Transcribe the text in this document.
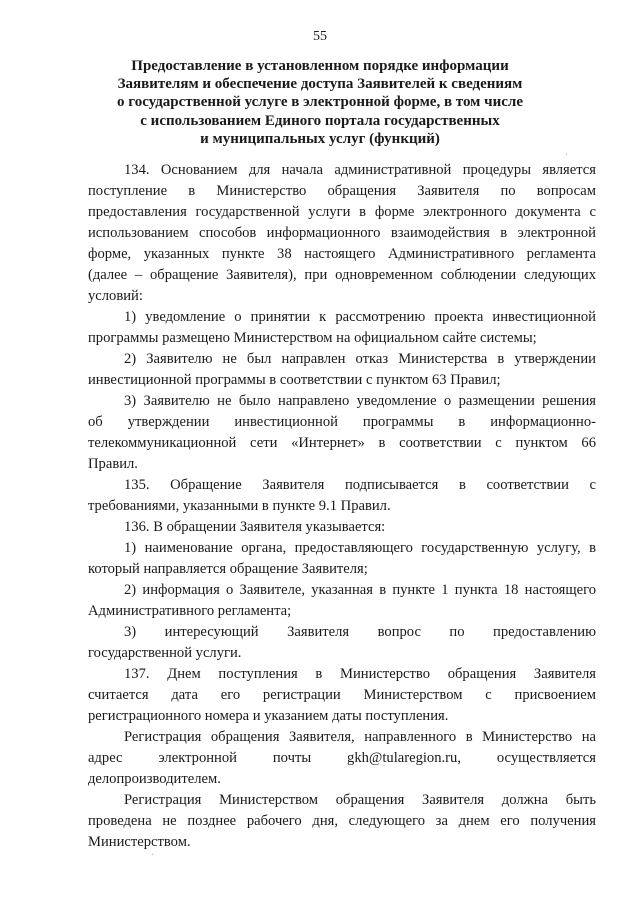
55
Предоставление в установленном порядке информации
Заявителям и обеспечение доступа Заявителей к сведениям
о государственной услуге в электронной форме, в том числе
с использованием Единого портала государственных
и муниципальных услуг (функций)
134. Основанием для начала административной процедуры является
поступление в Министерство обращения Заявителя по вопросам
предоставления государственной услуги в форме электронного документа с
использованием способов информационного взаимодействия в электронной
форме, указанных пункте 38 настоящего Административного регламента
(далее – обращение Заявителя), при одновременном соблюдении следующих
условий:
1) уведомление о принятии к рассмотрению проекта инвестиционной
программы размещено Министерством на официальном сайте системы;
2) Заявителю не был направлен отказ Министерства в утверждении
инвестиционной программы в соответствии с пунктом 63 Правил;
3) Заявителю не было направлено уведомление о размещении решения
об утверждении инвестиционной программы в информационно-
телекоммуникационной сети «Интернет» в соответствии с пунктом 66
Правил.
135. Обращение Заявителя подписывается в соответствии с
требованиями, указанными в пункте 9.1 Правил.
136. В обращении Заявителя указывается:
1) наименование органа, предоставляющего государственную услугу, в
который направляется обращение Заявителя;
2) информация о Заявителе, указанная в пункте 1 пункта 18 настоящего
Административного регламента;
3) интересующий Заявителя вопрос по предоставлению
государственной услуги.
137. Днем поступления в Министерство обращения Заявителя
считается дата его регистрации Министерством с присвоением
регистрационного номера и указанием даты поступления.
Регистрация обращения Заявителя, направленного в Министерство на
адрес электронной почты gkh@tularegion.ru, осуществляется
делопроизводителем.
Регистрация Министерством обращения Заявителя должна быть
проведена не позднее рабочего дня, следующего за днем его получения
Министерством.
'
'
